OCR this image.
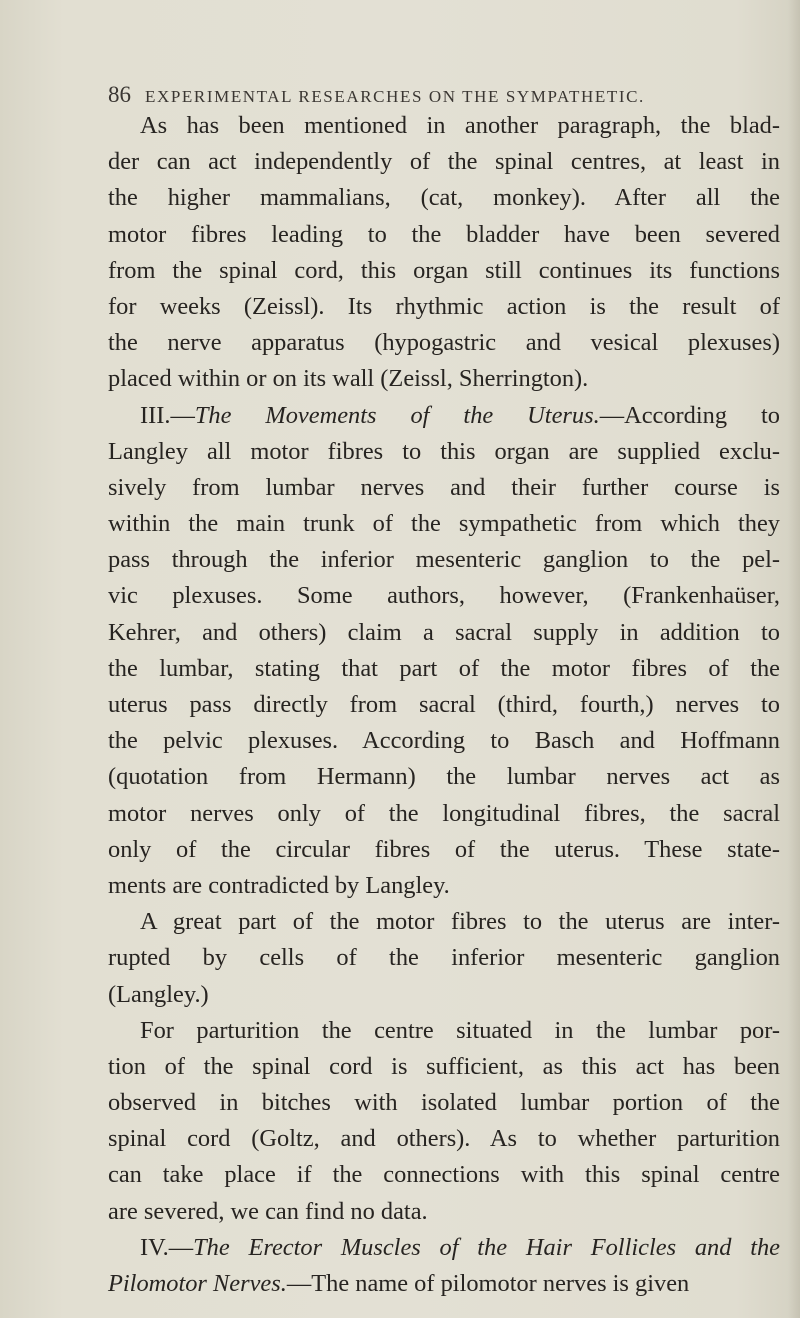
86 EXPERIMENTAL RESEARCHES ON THE SYMPATHETIC.
As has been mentioned in another paragraph, the blad-
der can act independently of the spinal centres, at least in
the higher mammalians, (cat, monkey). After all the
motor fibres leading to the bladder have been severed
from the spinal cord, this organ still continues its functions
for weeks (Zeissl). Its rhythmic action is the result of
the nerve apparatus (hypogastric and vesical plexuses)
placed within or on its wall (Zeissl, Sherrington).
III.—The Movements of the Uterus.—According to
Langley all motor fibres to this organ are supplied exclu-
sively from lumbar nerves and their further course is
within the main trunk of the sympathetic from which they
pass through the inferior mesenteric ganglion to the pel-
vic plexuses. Some authors, however, (Frankenhaüser,
Kehrer, and others) claim a sacral supply in addition to
the lumbar, stating that part of the motor fibres of the
uterus pass directly from sacral (third, fourth,) nerves to
the pelvic plexuses. According to Basch and Hoffmann
(quotation from Hermann) the lumbar nerves act as
motor nerves only of the longitudinal fibres, the sacral
only of the circular fibres of the uterus. These state-
ments are contradicted by Langley.
A great part of the motor fibres to the uterus are inter-
rupted by cells of the inferior mesenteric ganglion
(Langley.)
For parturition the centre situated in the lumbar por-
tion of the spinal cord is sufficient, as this act has been
observed in bitches with isolated lumbar portion of the
spinal cord (Goltz, and others). As to whether parturition
can take place if the connections with this spinal centre
are severed, we can find no data.
IV.—The Erector Muscles of the Hair Follicles and the
Pilomotor Nerves.—The name of pilomotor nerves is given
